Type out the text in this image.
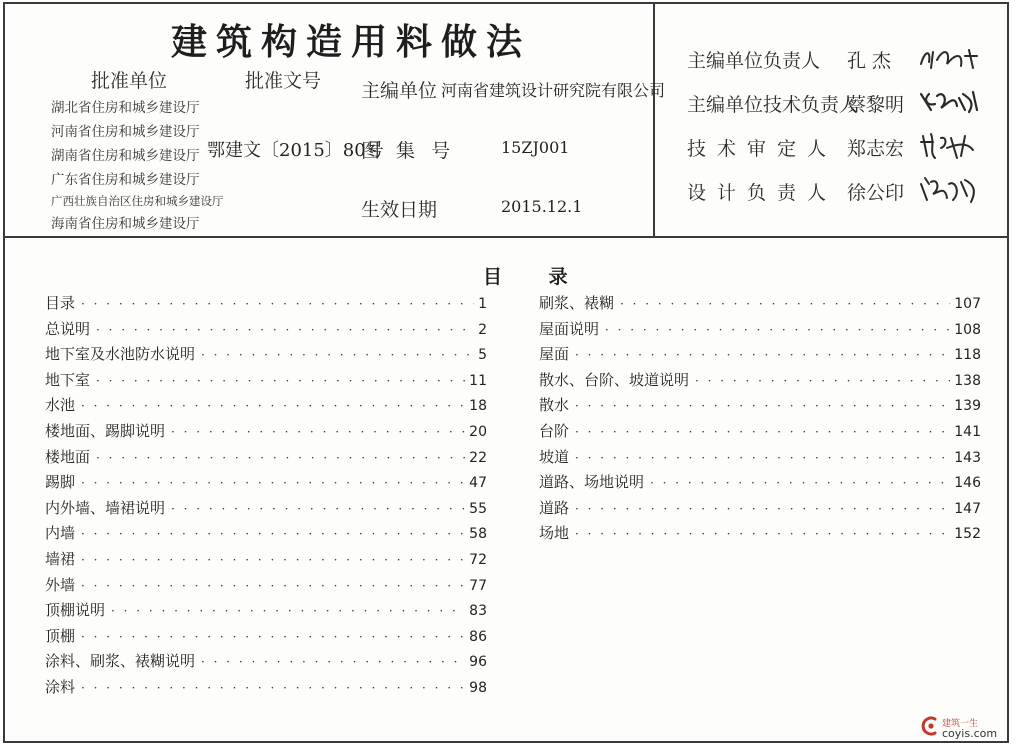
建筑构造用料做法
批准单位	批准文号
湖北省住房和城乡建设厅
河南省住房和城乡建设厅
湖南省住房和城乡建设厅
广东省住房和城乡建设厅
广西壮族自治区住房和城乡建设厅
海南省住房和城乡建设厅
鄂建文〔2015〕80号
主编单位 河南省建筑设计研究院有限公司
图 集 号	15ZJ001
生效日期	2015.12.1
主编单位负责人 孔 杰
主编单位技术负责人
蔡黎明
技术审定人 郑志宏
设计负责人 徐公印
目 录
目录 · · ·	1
总说明 · · ·	2
地下室及水池防水说明 · · ·	5
地下室 · · ·	11
水池 · · ·	18
楼地面、踢脚说明 · · ·	20
楼地面 · · ·	22
踢脚 · · ·	47
内外墙、墙裙说明 · · ·	55
内墙 · · ·	58
墙裙 · · ·	72
外墙 · · ·	77
顶棚说明 · · ·	83
顶棚 · · ·	86
涂料、刷浆、裱糊说明 · · ·	96
涂料 · · ·	98
刷浆、裱糊 · · ·	107
屋面说明 · · ·	108
屋面 · · ·	118
散水、台阶、坡道说明 · · ·	138
散水 · · ·	139
台阶 · · ·	141
坡道 · · ·	143
道路、场地说明 · · ·	146
道路 · · ·	147
场地 · · ·	152
建筑一生
coyis.com
